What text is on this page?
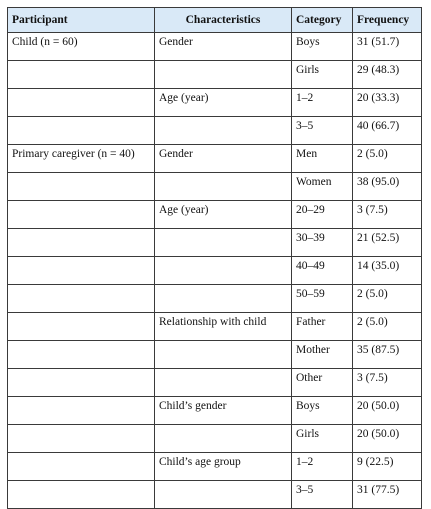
Participant	Characteristics	Category	Frequency
Child (n = 60)	Gender	Boys	31 (51.7)
		Girls	29 (48.3)
	Age (year)	1–2	20 (33.3)
		3–5	40 (66.7)
Primary caregiver (n = 40)	Gender	Men	2 (5.0)
		Women	38 (95.0)
	Age (year)	20–29	3 (7.5)
		30–39	21 (52.5)
		40–49	14 (35.0)
		50–59	2 (5.0)
	Relationship with child	Father	2 (5.0)
		Mother	35 (87.5)
		Other	3 (7.5)
	Child’s gender	Boys	20 (50.0)
		Girls	20 (50.0)
	Child’s age group	1–2	9 (22.5)
		3–5	31 (77.5)
